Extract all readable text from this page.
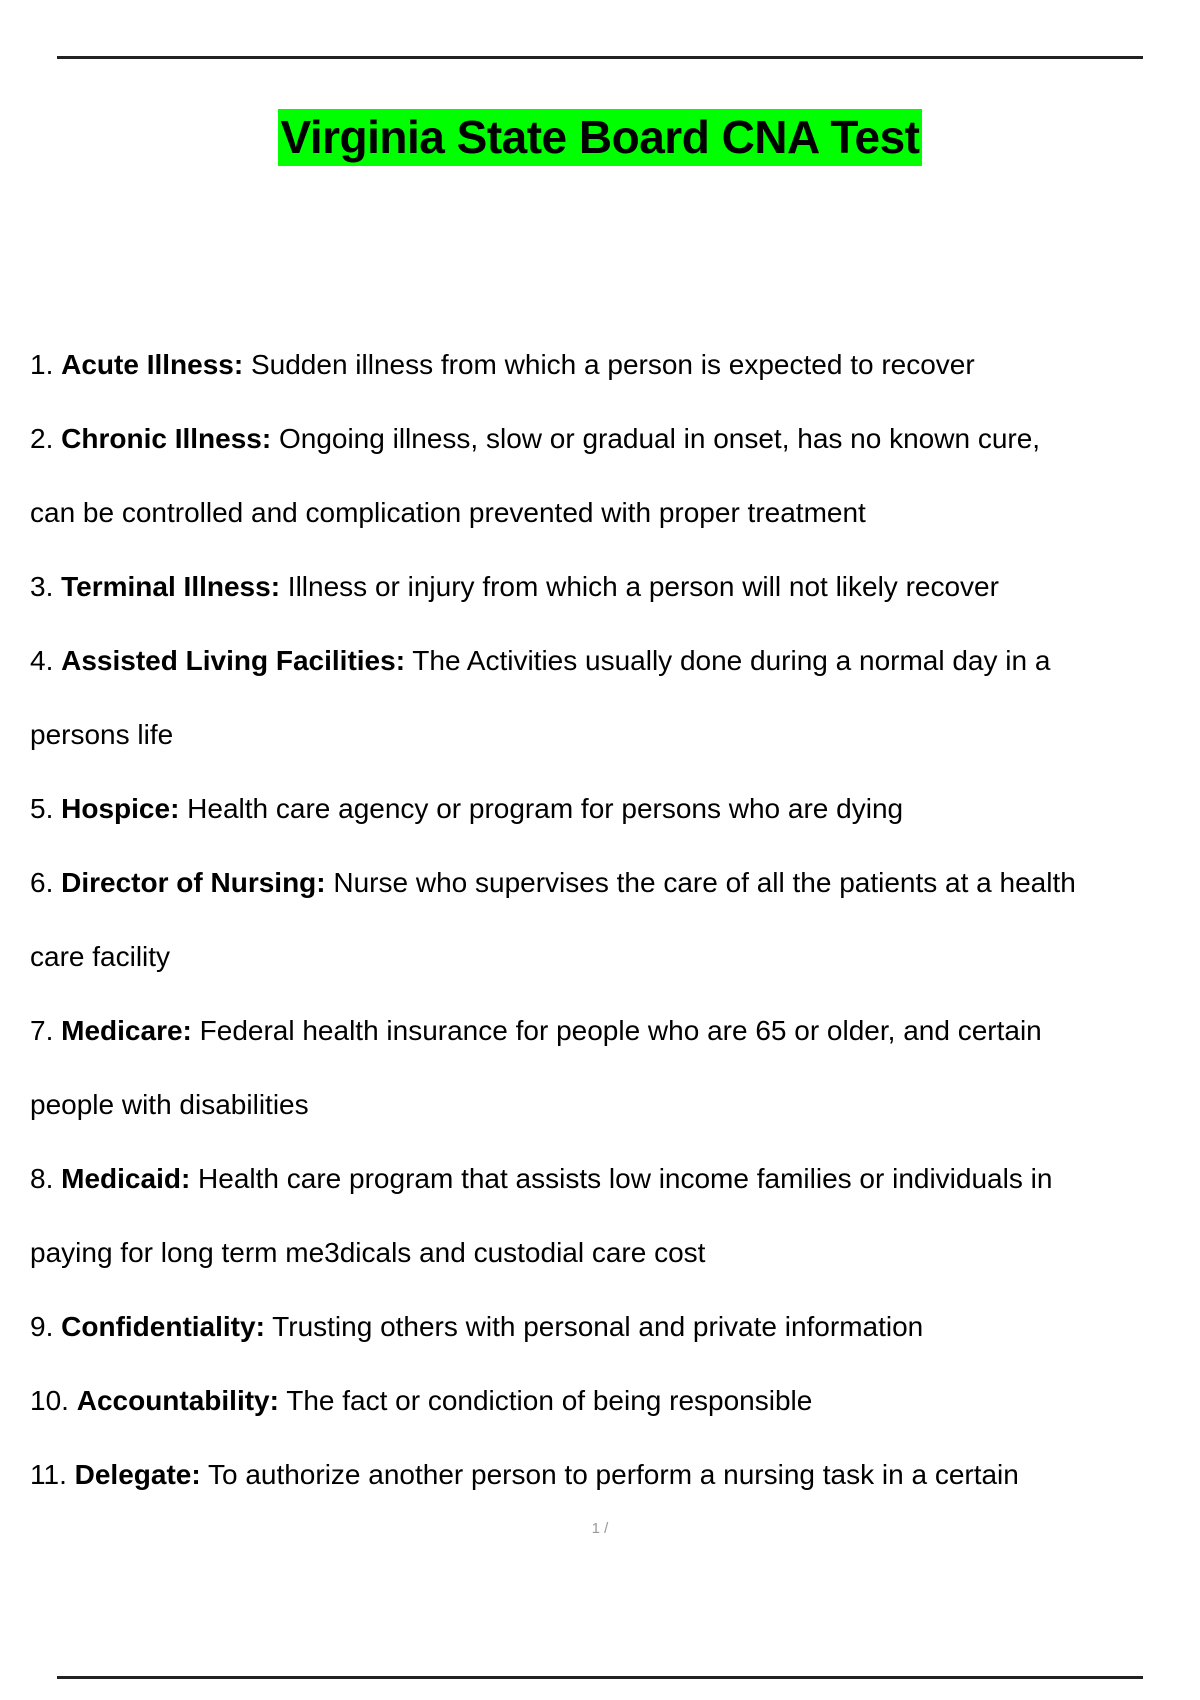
Virginia State Board CNA Test
1. Acute Illness: Sudden illness from which a person is expected to recover
2. Chronic Illness: Ongoing illness, slow or gradual in onset, has no known cure,
can be controlled and complication prevented with proper treatment
3. Terminal Illness: Illness or injury from which a person will not likely recover
4. Assisted Living Facilities: The Activities usually done during a normal day in a
persons life
5. Hospice: Health care agency or program for persons who are dying
6. Director of Nursing: Nurse who supervises the care of all the patients at a health
care facility
7. Medicare: Federal health insurance for people who are 65 or older, and certain
people with disabilities
8. Medicaid: Health care program that assists low income families or individuals in
paying for long term me3dicals and custodial care cost
9. Confidentiality: Trusting others with personal and private information
10. Accountability: The fact or condiction of being responsible
11. Delegate: To authorize another person to perform a nursing task in a certain
1 /
